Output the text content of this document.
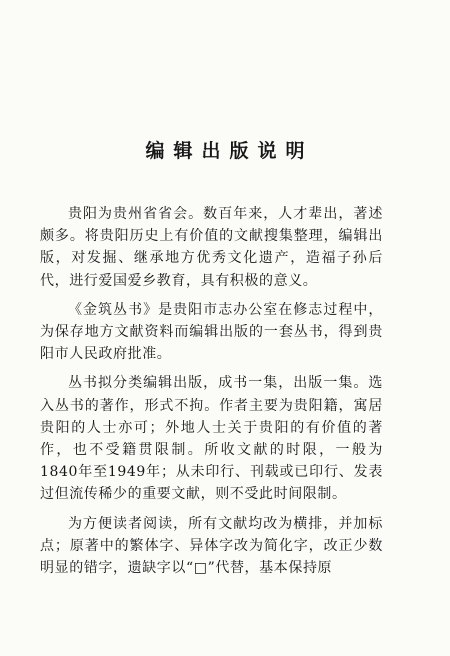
编辑出版说明

贵阳为贵州省省会。数百年来，人才辈出，著述颇多。将贵阳历史上有价值的文献搜集整理，编辑出版，对发掘、继承地方优秀文化遗产，造福子孙后代，进行爱国爱乡教育，具有积极的意义。

《金筑丛书》是贵阳市志办公室在修志过程中，为保存地方文献资料而编辑出版的一套丛书，得到贵阳市人民政府批准。

丛书拟分类编辑出版，成书一集，出版一集。选入丛书的著作，形式不拘。作者主要为贵阳籍，寓居贵阳的人士亦可；外地人士关于贵阳的有价值的著作，也不受籍贯限制。所收文献的时限，一般为1840年至1949年；从未印行、刊载或已印行、发表过但流传稀少的重要文献，则不受此时间限制。

为方便读者阅读，所有文献均改为横排，并加标点；原著中的繁体字、异体字改为简化字，改正少数明显的错字，遗缺字以“□”代替，基本保持原
